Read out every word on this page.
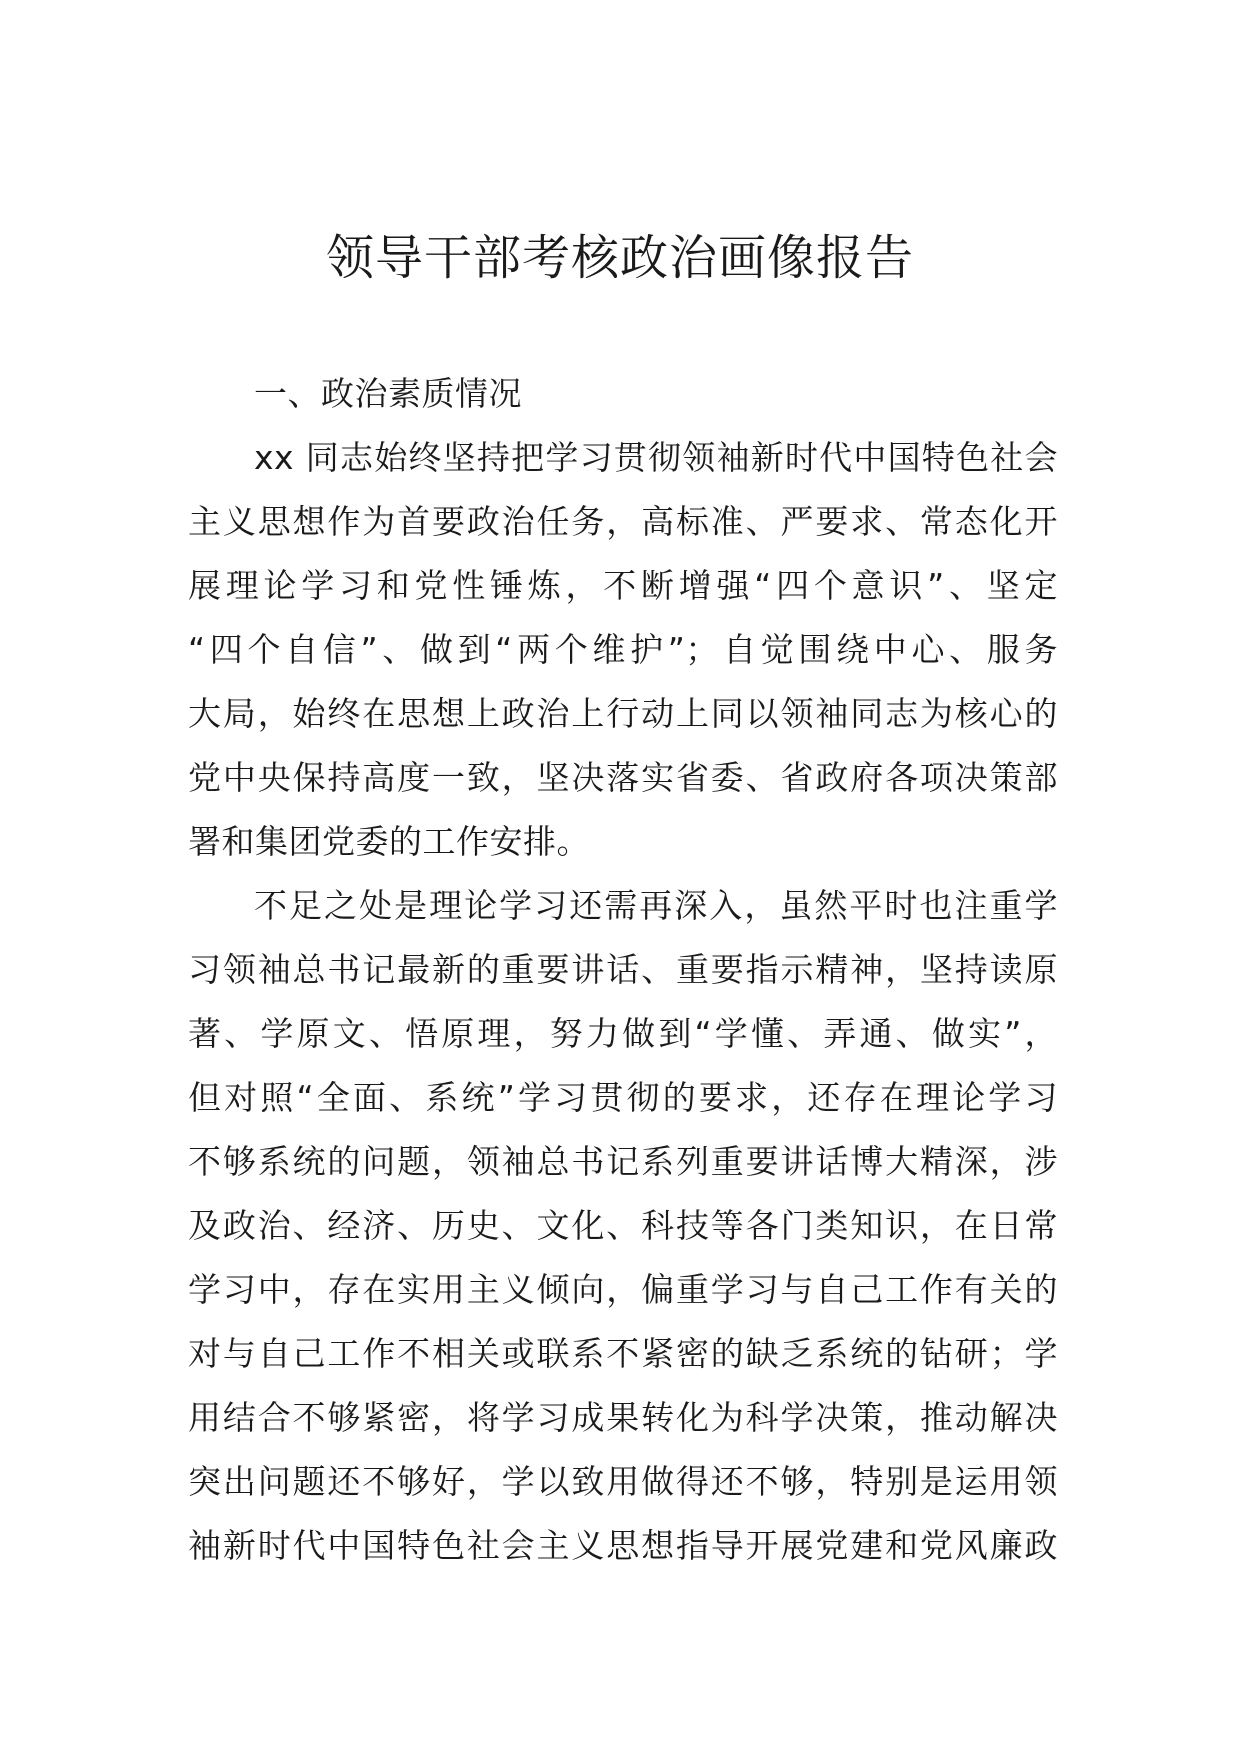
领导干部考核政治画像报告
一、政治素质情况
xx 同志始终坚持把学习贯彻领袖新时代中国特色社会
主义思想作为首要政治任务，高标准、严要求、常态化开
展理论学习和党性锤炼，不断增强“四个意识”、坚定
“四个自信”、做到“两个维护”；自觉围绕中心、服务
大局，始终在思想上政治上行动上同以领袖同志为核心的
党中央保持高度一致，坚决落实省委、省政府各项决策部
署和集团党委的工作安排。
不足之处是理论学习还需再深入，虽然平时也注重学
习领袖总书记最新的重要讲话、重要指示精神，坚持读原
著、学原文、悟原理，努力做到“学懂、弄通、做实”，
但对照“全面、系统”学习贯彻的要求，还存在理论学习
不够系统的问题，领袖总书记系列重要讲话博大精深，涉
及政治、经济、历史、文化、科技等各门类知识，在日常
学习中，存在实用主义倾向，偏重学习与自己工作有关的
对与自己工作不相关或联系不紧密的缺乏系统的钻研；学
用结合不够紧密，将学习成果转化为科学决策，推动解决
突出问题还不够好，学以致用做得还不够，特别是运用领
袖新时代中国特色社会主义思想指导开展党建和党风廉政
